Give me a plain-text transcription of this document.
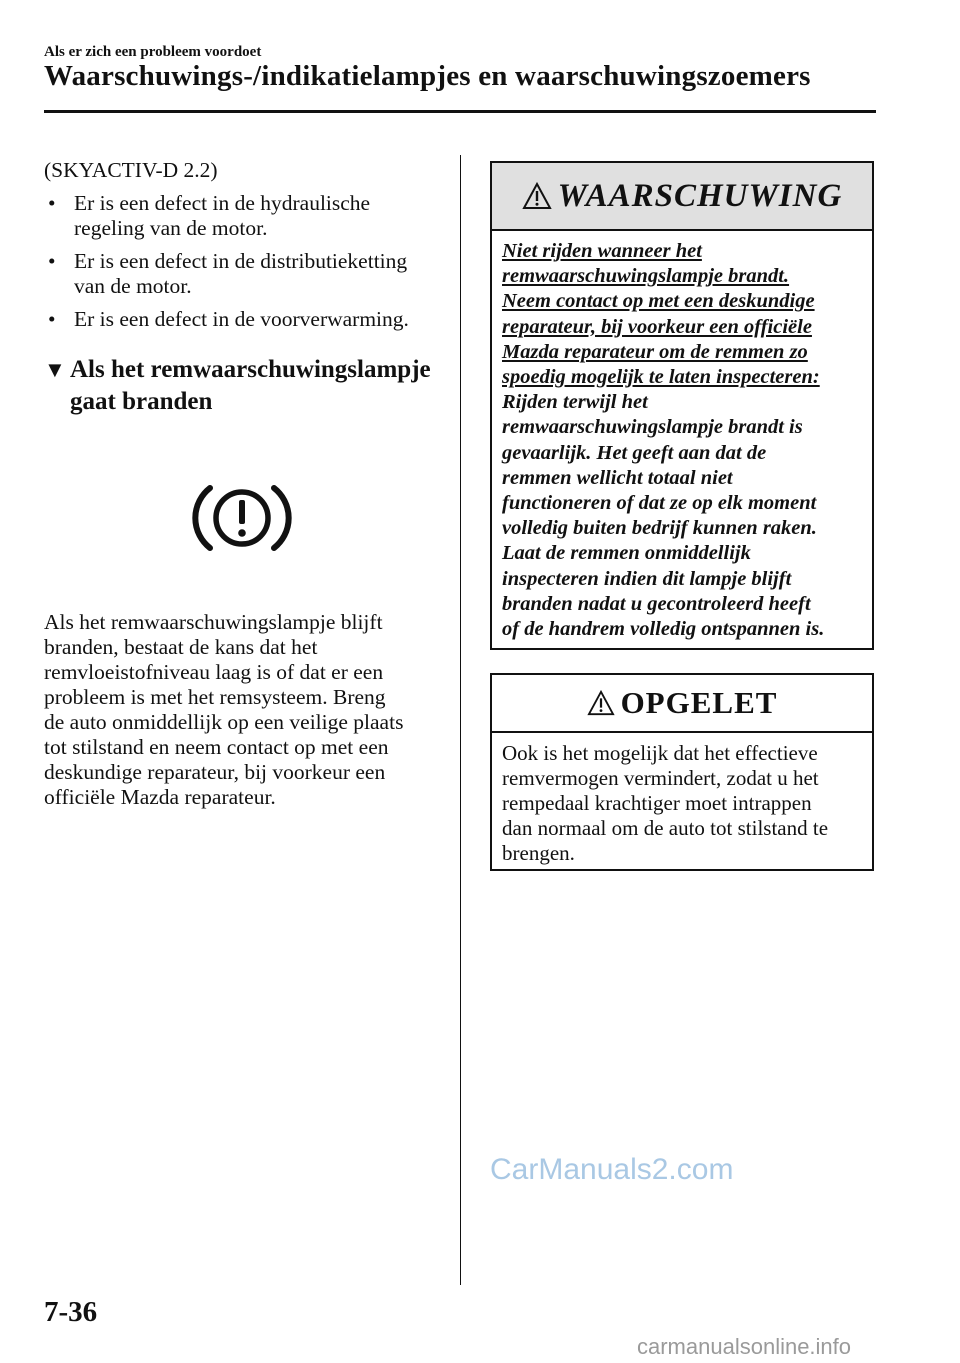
Als er zich een probleem voordoet
Waarschuwings-/indikatielampjes en waarschuwingszoemers
(SKYACTIV-D 2.2)
• Er is een defect in de hydraulische
regeling van de motor.
• Er is een defect in de distributieketting
van de motor.
• Er is een defect in de voorverwarming.
▼ Als het remwaarschuwingslampje
gaat branden
Als het remwaarschuwingslampje blijft
branden, bestaat de kans dat het
remvloeistofniveau laag is of dat er een
probleem is met het remsysteem. Breng
de auto onmiddellijk op een veilige plaats
tot stilstand en neem contact op met een
deskundige reparateur, bij voorkeur een
officiële Mazda reparateur.
WAARSCHUWING
Niet rijden wanneer het
remwaarschuwingslampje brandt.
Neem contact op met een deskundige
reparateur, bij voorkeur een officiële
Mazda reparateur om de remmen zo
spoedig mogelijk te laten inspecteren:
Rijden terwijl het
remwaarschuwingslampje brandt is
gevaarlijk. Het geeft aan dat de
remmen wellicht totaal niet
functioneren of dat ze op elk moment
volledig buiten bedrijf kunnen raken.
Laat de remmen onmiddellijk
inspecteren indien dit lampje blijft
branden nadat u gecontroleerd heeft
of de handrem volledig ontspannen is.
OPGELET
Ook is het mogelijk dat het effectieve
remvermogen vermindert, zodat u het
rempedaal krachtiger moet intrappen
dan normaal om de auto tot stilstand te
brengen.
CarManuals2.com
7-36
carmanualsonline.info
